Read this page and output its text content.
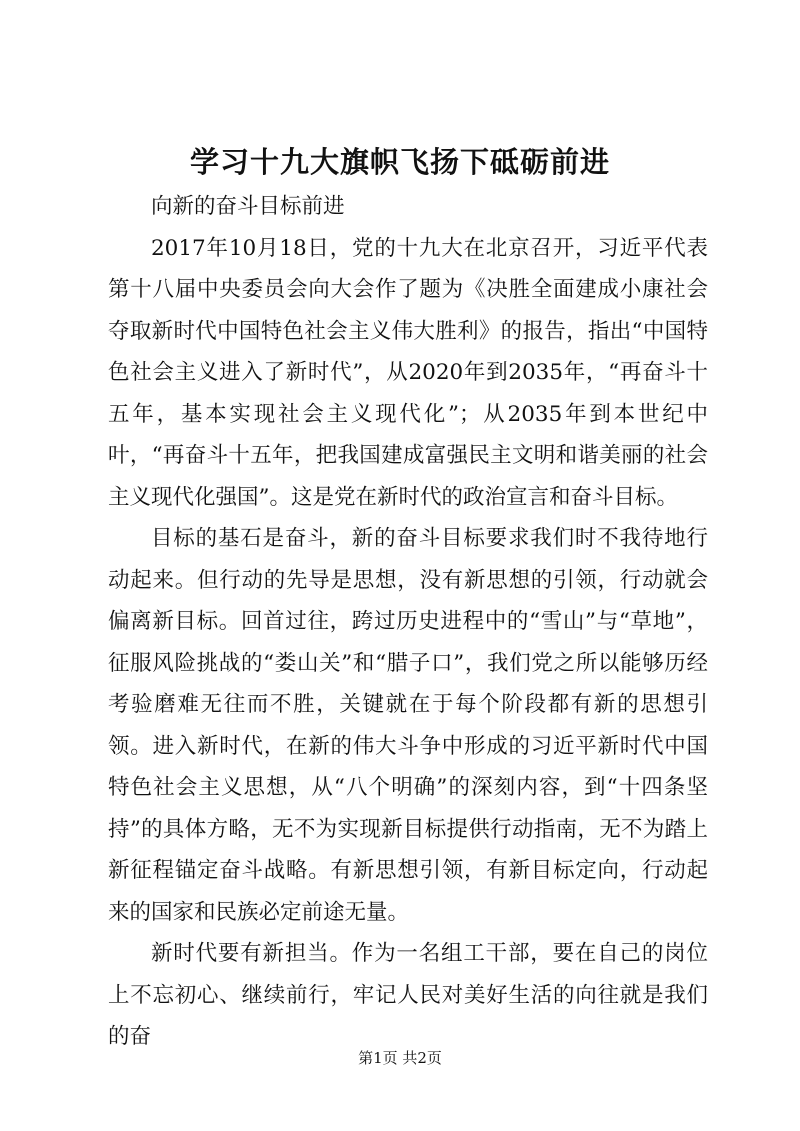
学习十九大旗帜飞扬下砥砺前进

向新的奋斗目标前进

2017年10月18日，党的十九大在北京召开，习近平代表第十八届中央委员会向大会作了题为《决胜全面建成小康社会夺取新时代中国特色社会主义伟大胜利》的报告，指出“中国特色社会主义进入了新时代”，从2020年到2035年，“再奋斗十五年，基本实现社会主义现代化”；从2035年到本世纪中叶，“再奋斗十五年，把我国建成富强民主文明和谐美丽的社会主义现代化强国”。这是党在新时代的政治宣言和奋斗目标。

目标的基石是奋斗，新的奋斗目标要求我们时不我待地行动起来。但行动的先导是思想，没有新思想的引领，行动就会偏离新目标。回首过往，跨过历史进程中的“雪山”与“草地”，征服风险挑战的“娄山关”和“腊子口”，我们党之所以能够历经考验磨难无往而不胜，关键就在于每个阶段都有新的思想引领。进入新时代，在新的伟大斗争中形成的习近平新时代中国特色社会主义思想，从“八个明确”的深刻内容，到“十四条坚持”的具体方略，无不为实现新目标提供行动指南，无不为踏上新征程锚定奋斗战略。有新思想引领，有新目标定向，行动起来的国家和民族必定前途无量。

新时代要有新担当。作为一名组工干部，要在自己的岗位上不忘初心、继续前行，牢记人民对美好生活的向往就是我们的奋

第1页 共2页
